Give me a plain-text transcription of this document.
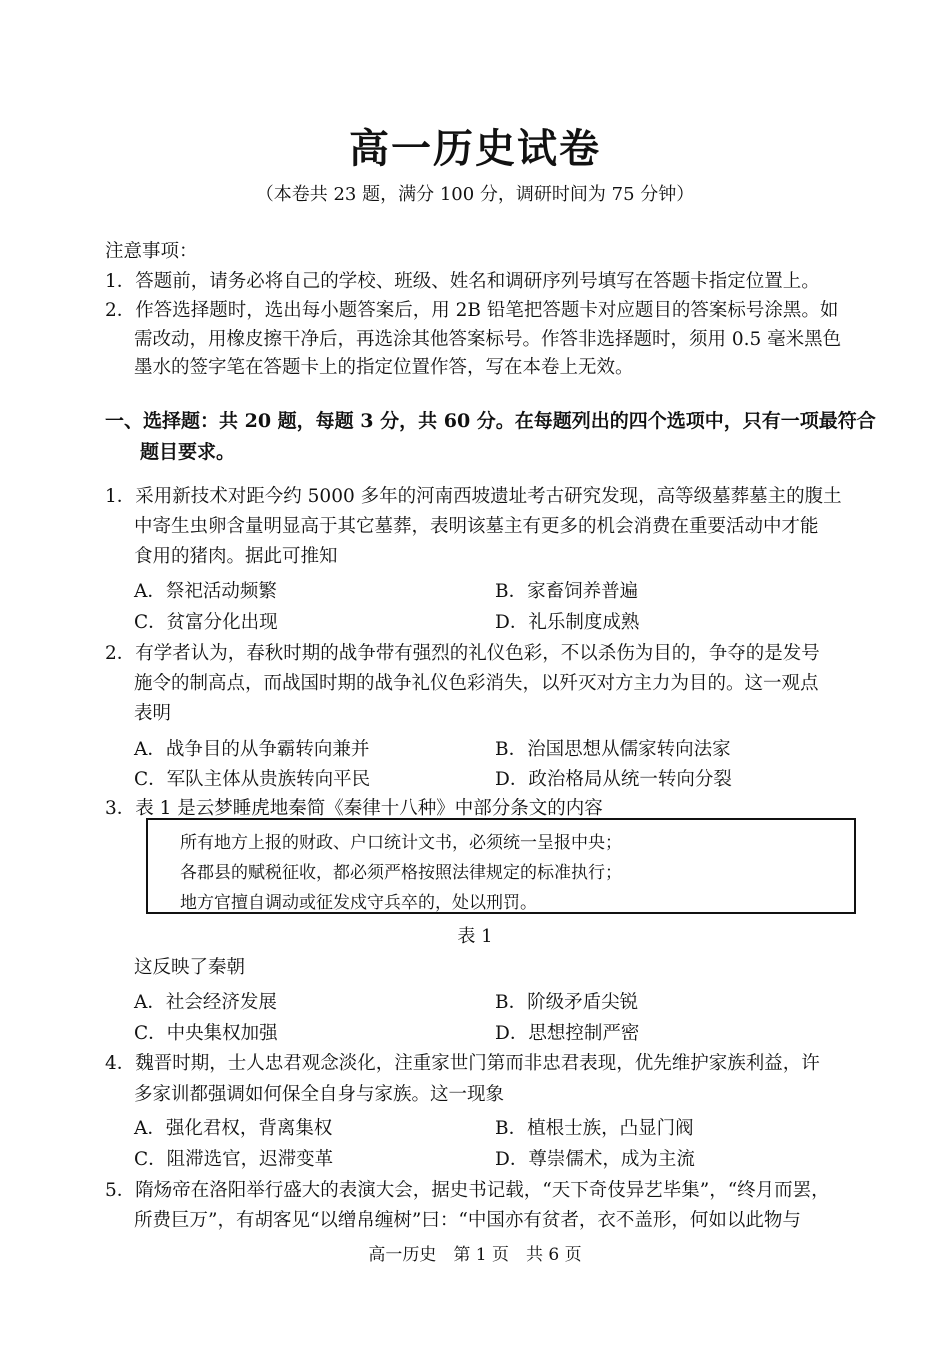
高一历史试卷
（本卷共 23 题，满分 100 分，调研时间为 75 分钟）
注意事项：
1．答题前，请务必将自己的学校、班级、姓名和调研序列号填写在答题卡指定位置上。
2．作答选择题时，选出每小题答案后，用 2B 铅笔把答题卡对应题目的答案标号涂黑。如
需改动，用橡皮擦干净后，再选涂其他答案标号。作答非选择题时，须用 0.5 毫米黑色
墨水的签字笔在答题卡上的指定位置作答，写在本卷上无效。
一、选择题：共 20 题，每题 3 分，共 60 分。在每题列出的四个选项中，只有一项最符合
题目要求。
1．采用新技术对距今约 5000 多年的河南西坡遗址考古研究发现，高等级墓葬墓主的腹土
中寄生虫卵含量明显高于其它墓葬，表明该墓主有更多的机会消费在重要活动中才能
食用的猪肉。据此可推知
A．祭祀活动频繁	B．家畜饲养普遍
C．贫富分化出现	D．礼乐制度成熟
2．有学者认为，春秋时期的战争带有强烈的礼仪色彩，不以杀伤为目的，争夺的是发号
施令的制高点，而战国时期的战争礼仪色彩消失，以歼灭对方主力为目的。这一观点
表明
A．战争目的从争霸转向兼并	B．治国思想从儒家转向法家
C．军队主体从贵族转向平民	D．政治格局从统一转向分裂
3．表 1 是云梦睡虎地秦简《秦律十八种》中部分条文的内容
所有地方上报的财政、户口统计文书，必须统一呈报中央；
各郡县的赋税征收，都必须严格按照法律规定的标准执行；
地方官擅自调动或征发戍守兵卒的，处以刑罚。
表 1
这反映了秦朝
A．社会经济发展	B．阶级矛盾尖锐
C．中央集权加强	D．思想控制严密
4．魏晋时期，士人忠君观念淡化，注重家世门第而非忠君表现，优先维护家族利益，许
多家训都强调如何保全自身与家族。这一现象
A．强化君权，背离集权	B．植根士族，凸显门阀
C．阻滞选官，迟滞变革	D．尊崇儒术，成为主流
5．隋炀帝在洛阳举行盛大的表演大会，据史书记载，“天下奇伎异艺毕集”，“终月而罢，
所费巨万”，有胡客见“以缯帛缠树”曰：“中国亦有贫者，衣不盖形，何如以此物与
高一历史　第 1 页　共 6 页
